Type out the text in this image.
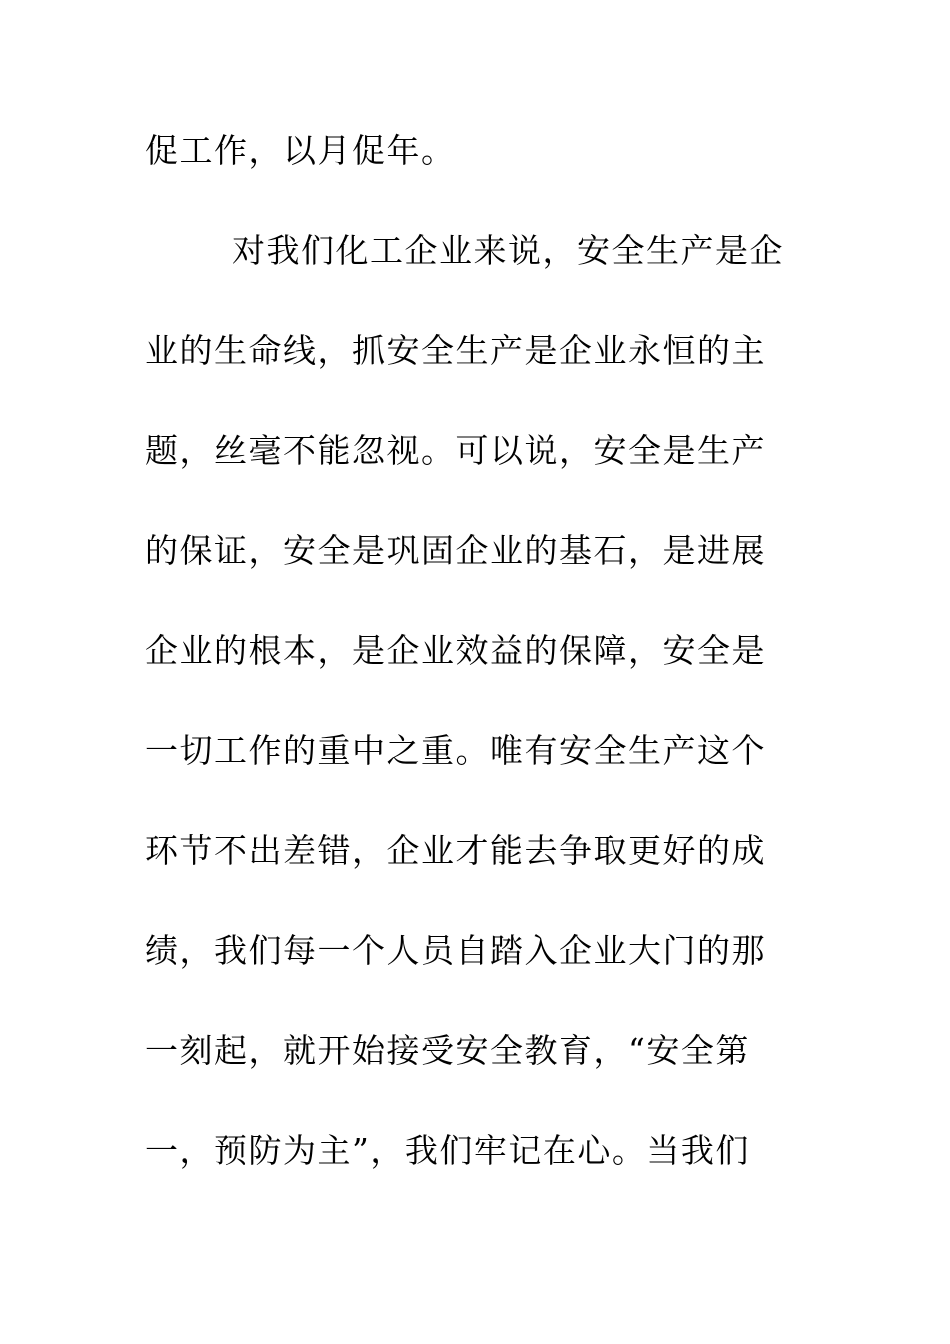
促工作，以月促年。
对我们化工企业来说，安全生产是企
业的生命线，抓安全生产是企业永恒的主
题，丝毫不能忽视。可以说，安全是生产
的保证，安全是巩固企业的基石，是进展
企业的根本，是企业效益的保障，安全是
一切工作的重中之重。唯有安全生产这个
环节不出差错，企业才能去争取更好的成
绩，我们每一个人员自踏入企业大门的那
一刻起，就开始接受安全教育，“安全第
一，预防为主”，我们牢记在心。当我们
